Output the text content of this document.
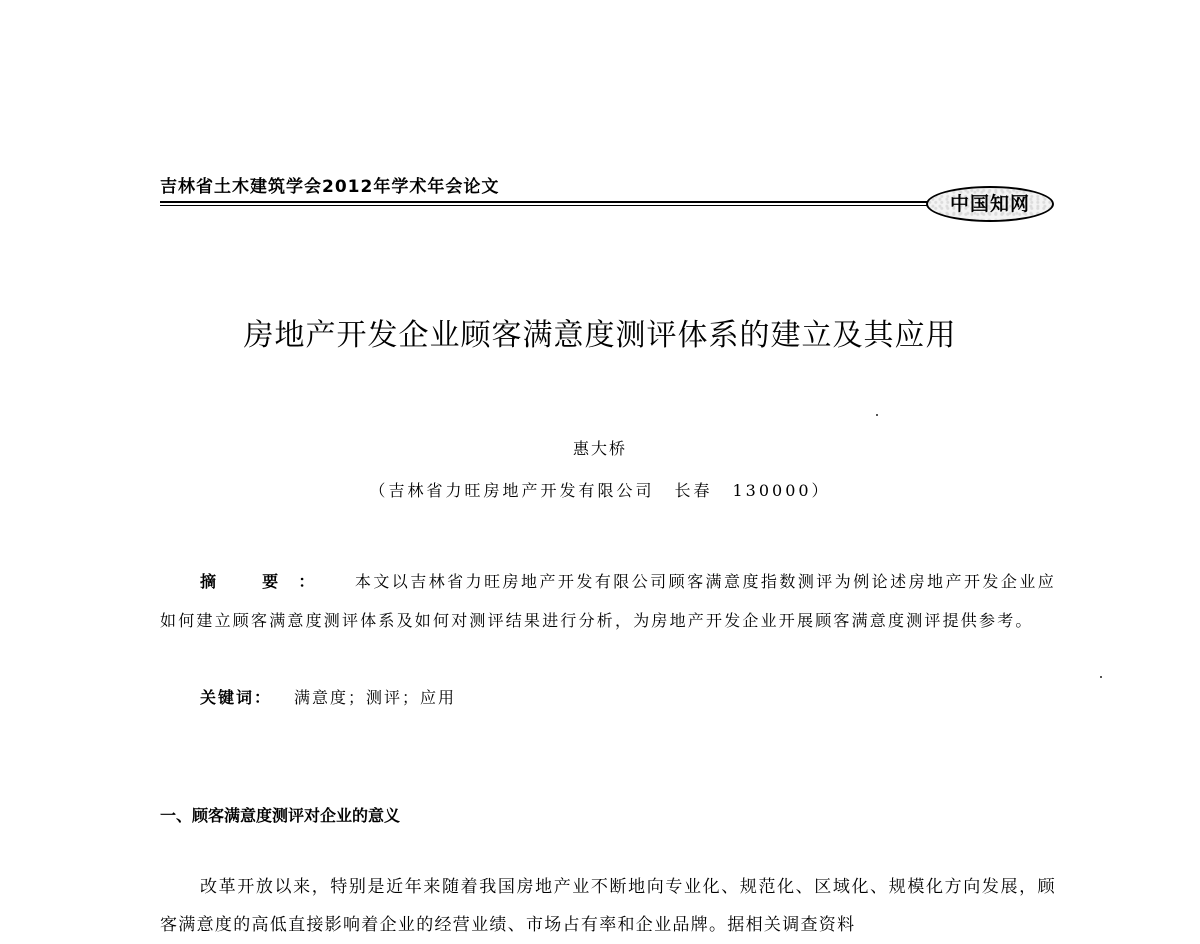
吉林省土木建筑学会2012年学术年会论文
中国知网
房地产开发企业顾客满意度测评体系的建立及其应用
惠大桥
（吉林省力旺房地产开发有限公司 长春 130000）
摘 要： 本文以吉林省力旺房地产开发有限公司顾客满意度指数测评为例论述房地产开发企业应如何建立顾客满意度测评体系及如何对测评结果进行分析，为房地产开发企业开展顾客满意度测评提供参考。
关键词： 满意度；测评；应用
一、顾客满意度测评对企业的意义
改革开放以来，特别是近年来随着我国房地产业不断地向专业化、规范化、区域化、规模化方向发展，顾客满意度的高低直接影响着企业的经营业绩、市场占有率和企业品牌。据相关调查资料
